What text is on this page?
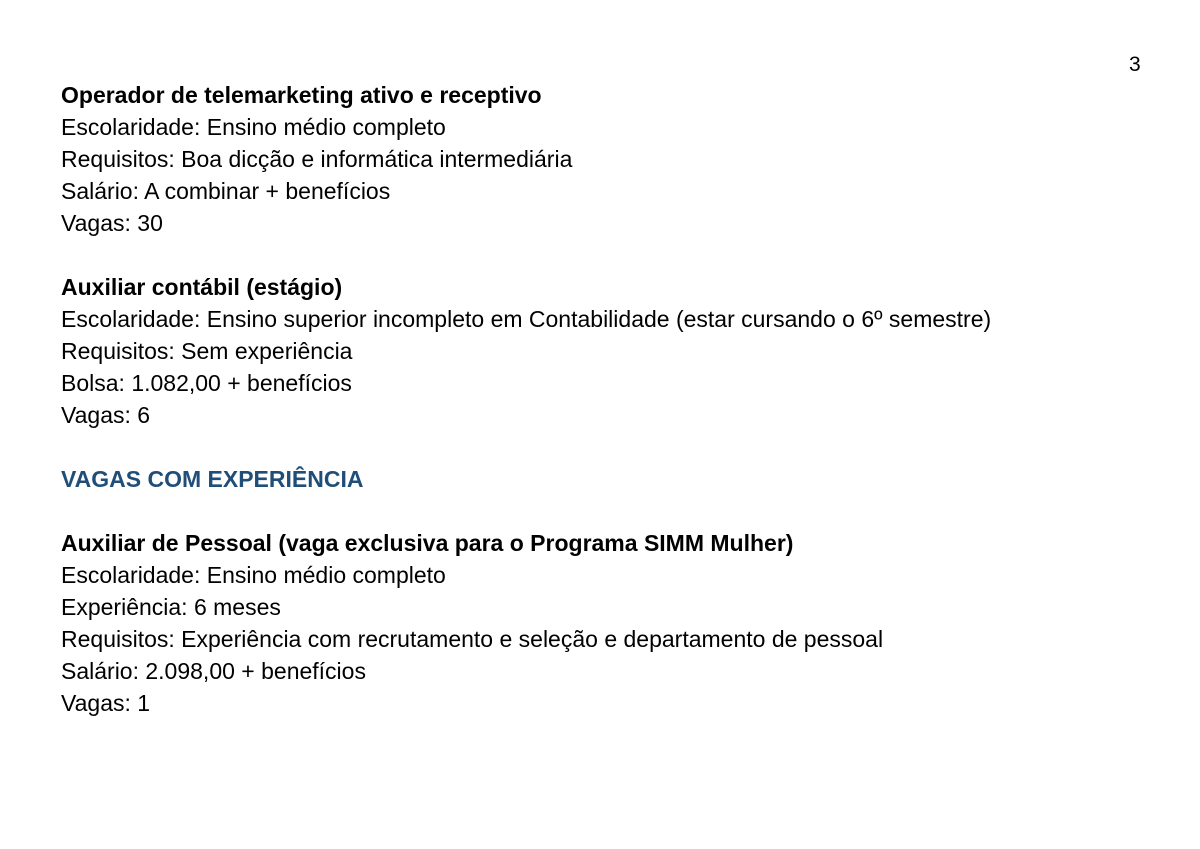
3
Operador de telemarketing ativo e receptivo
Escolaridade: Ensino médio completo
Requisitos: Boa dicção e informática intermediária
Salário: A combinar + benefícios
Vagas: 30
Auxiliar contábil (estágio)
Escolaridade: Ensino superior incompleto em Contabilidade (estar cursando o 6º semestre)
Requisitos: Sem experiência
Bolsa: 1.082,00 + benefícios
Vagas: 6
VAGAS COM EXPERIÊNCIA
Auxiliar de Pessoal (vaga exclusiva para o Programa SIMM Mulher)
Escolaridade: Ensino médio completo
Experiência: 6 meses
Requisitos: Experiência com recrutamento e seleção e departamento de pessoal
Salário: 2.098,00 + benefícios
Vagas: 1
